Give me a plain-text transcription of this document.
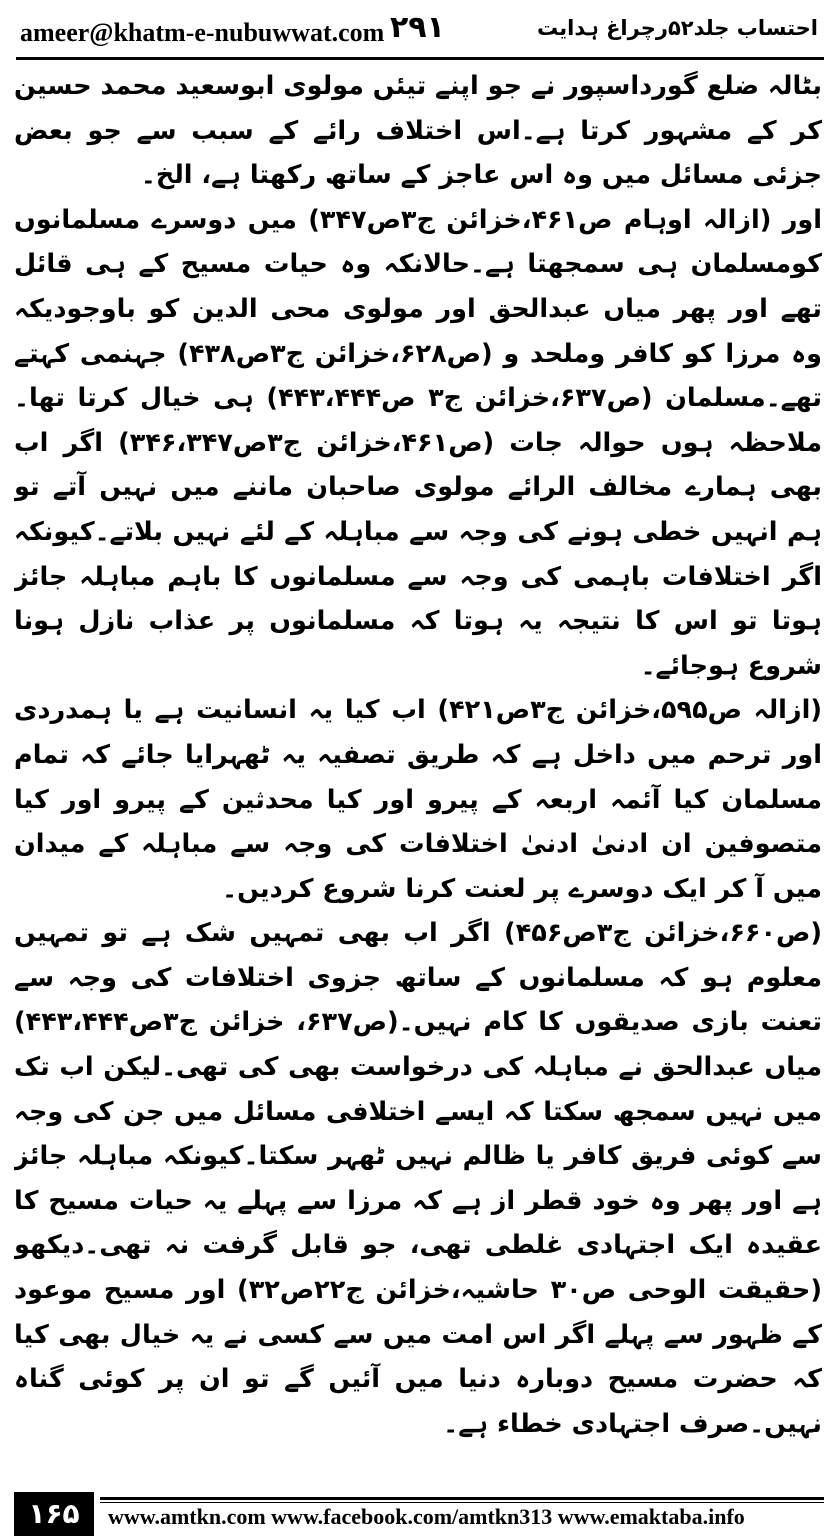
ameer@khatm-e-nubuwwat.com ۲۹۱	احتساب جلد۵۲رچراغ ہدایت

بٹالہ ضلع گورداسپور نے جو اپنے تیئں مولوی ابوسعید محمد حسین کر کے مشہور کرتا ہے۔اس اختلاف رائے کے سبب سے جو بعض جزئی مسائل میں وہ اس عاجز کے ساتھ رکھتا ہے، الخ۔

اور (ازالہ اوہام ص۴۶۱،خزائن ج۳ص۳۴۷) میں دوسرے مسلمانوں کومسلمان ہی سمجھتا ہے۔حالانکہ وہ حیات مسیح کے ہی قائل تھے اور پھر میاں عبدالحق اور مولوی محی الدین کو باوجودیکہ وہ مرزا کو کافر وملحد و (ص۶۲۸،خزائن ج۳ص۴۳۸) جہنمی کہتے تھے۔مسلمان (ص۶۳۷،خزائن ج۳ ص۴۴۳،۴۴۴) ہی خیال کرتا تھا۔ملاحظہ ہوں حوالہ جات (ص۴۶۱،خزائن ج۳ص۳۴۶،۳۴۷) اگر اب بھی ہمارے مخالف الرائے مولوی صاحبان ماننے میں نہیں آتے تو ہم انہیں خطی ہونے کی وجہ سے مباہلہ کے لئے نہیں بلاتے۔کیونکہ اگر اختلافات باہمی کی وجہ سے مسلمانوں کا باہم مباہلہ جائز ہوتا تو اس کا نتیجہ یہ ہوتا کہ مسلمانوں پر عذاب نازل ہونا شروع ہوجائے۔

(ازالہ ص۵۹۵،خزائن ج۳ص۴۲۱) اب کیا یہ انسانیت ہے یا ہمدردی اور ترحم میں داخل ہے کہ طریق تصفیہ یہ ٹھہرایا جائے کہ تمام مسلمان کیا آئمہ اربعہ کے پیرو اور کیا محدثین کے پیرو اور کیا متصوفین ان ادنیٰ ادنیٰ اختلافات کی وجہ سے مباہلہ کے میدان میں آ کر ایک دوسرے پر لعنت کرنا شروع کردیں۔

(ص۶۶۰،خزائن ج۳ص۴۵۶) اگر اب بھی تمہیں شک ہے تو تمہیں معلوم ہو کہ مسلمانوں کے ساتھ جزوی اختلافات کی وجہ سے تعنت بازی صدیقوں کا کام نہیں۔(ص۶۳۷، خزائن ج۳ص۴۴۳،۴۴۴) میاں عبدالحق نے مباہلہ کی درخواست بھی کی تھی۔لیکن اب تک میں نہیں سمجھ سکتا کہ ایسے اختلافی مسائل میں جن کی وجہ سے کوئی فریق کافر یا ظالم نہیں ٹھہر سکتا۔کیونکہ مباہلہ جائز ہے اور پھر وہ خود قطر از ہے کہ مرزا سے پہلے یہ حیات مسیح کا عقیدہ ایک اجتہادی غلطی تھی، جو قابل گرفت نہ تھی۔دیکھو (حقیقت الوحی ص۳۰ حاشیہ،خزائن ج۲۲ص۳۲) اور مسیح موعود کے ظہور سے پہلے اگر اس امت میں سے کسی نے یہ خیال بھی کیا کہ حضرت مسیح دوبارہ دنیا میں آئیں گے تو ان پر کوئی گناہ نہیں۔صرف اجتہادی خطاء ہے۔

۱۶۵	www.amtkn.com www.facebook.com/amtkn313 www.emaktaba.info
